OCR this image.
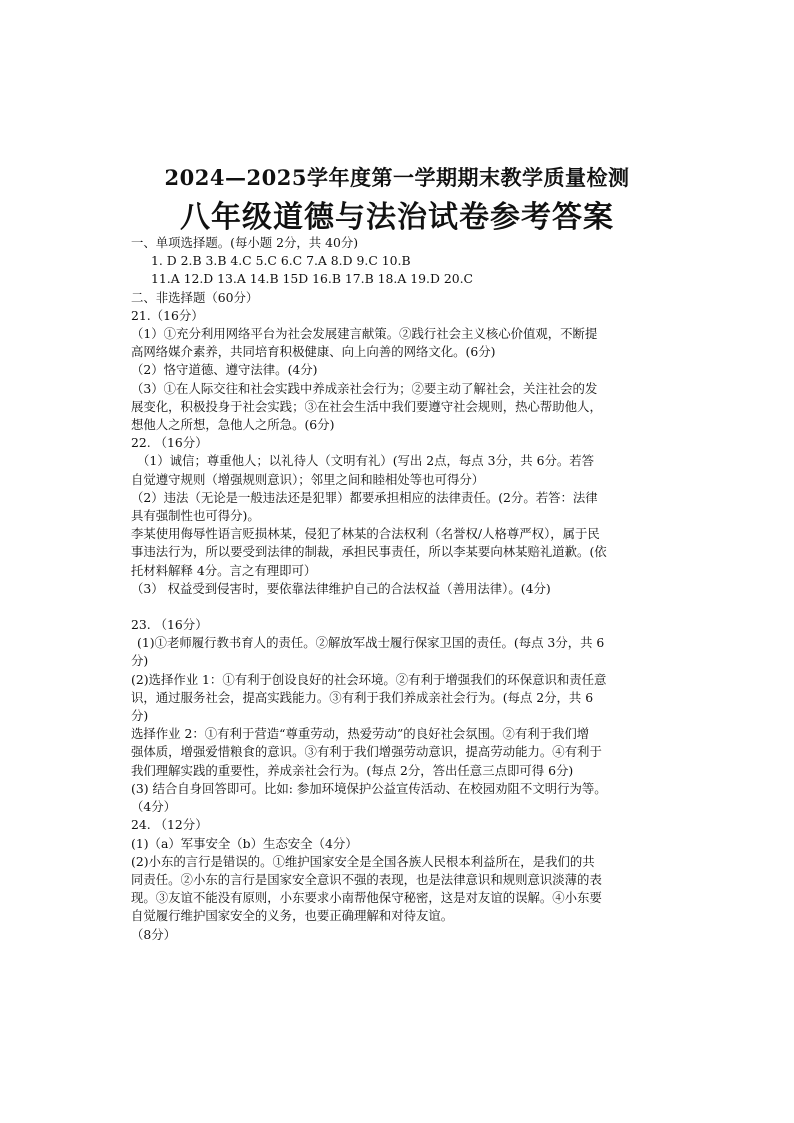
2024—2025学年度第一学期期末教学质量检测
八年级道德与法治试卷参考答案
一、单项选择题。(每小题 2分，共 40分)
1. D 2.B 3.B 4.C 5.C 6.C 7.A 8.D 9.C 10.B
11.A 12.D 13.A 14.B 15D 16.B 17.B 18.A 19.D 20.C
二、非选择题（60分）
21.（16分）
（1）①充分利用网络平台为社会发展建言献策。②践行社会主义核心价值观，不断提
高网络媒介素养，共同培育积极健康、向上向善的网络文化。(6分)
（2）恪守道德、遵守法律。(4分)
（3）①在人际交往和社会实践中养成亲社会行为；②要主动了解社会，关注社会的发
展变化，积极投身于社会实践；③在社会生活中我们要遵守社会规则，热心帮助他人，
想他人之所想，急他人之所急。(6分)
22. （16分）
（1）诚信；尊重他人；以礼待人（文明有礼）(写出 2点，每点 3分，共 6分。若答
自觉遵守规则（增强规则意识）；邻里之间和睦相处等也可得分）
（2）违法（无论是一般违法还是犯罪）都要承担相应的法律责任。(2分。若答：法律
具有强制性也可得分)。
李某使用侮辱性语言贬损林某，侵犯了林某的合法权利（名誉权/人格尊严权），属于民
事违法行为，所以要受到法律的制裁，承担民事责任，所以李某要向林某赔礼道歉。(依
托材料解释 4分。言之有理即可）
（3） 权益受到侵害时，要依靠法律维护自己的合法权益（善用法律）。(4分)
23. （16分）
(1)①老师履行教书育人的责任。②解放军战士履行保家卫国的责任。(每点 3分，共 6
分)
(2)选择作业 1：①有利于创设良好的社会环境。②有利于增强我们的环保意识和责任意
识，通过服务社会，提高实践能力。③有利于我们养成亲社会行为。(每点 2分，共 6
分)
选择作业 2：①有利于营造“尊重劳动，热爱劳动”的良好社会氛围。②有利于我们增
强体质，增强爱惜粮食的意识。③有利于我们增强劳动意识，提高劳动能力。④有利于
我们理解实践的重要性，养成亲社会行为。(每点 2分，答出任意三点即可得 6分)
(3) 结合自身回答即可。比如: 参加环境保护公益宣传活动、在校园劝阻不文明行为等。
（4分）
24. （12分）
(1)（a）军事安全（b）生态安全（4分）
(2)小东的言行是错误的。①维护国家安全是全国各族人民根本利益所在，是我们的共
同责任。②小东的言行是国家安全意识不强的表现，也是法律意识和规则意识淡薄的表
现。③友谊不能没有原则，小东要求小南帮他保守秘密，这是对友谊的误解。④小东要
自觉履行维护国家安全的义务，也要正确理解和对待友谊。
（8分）
